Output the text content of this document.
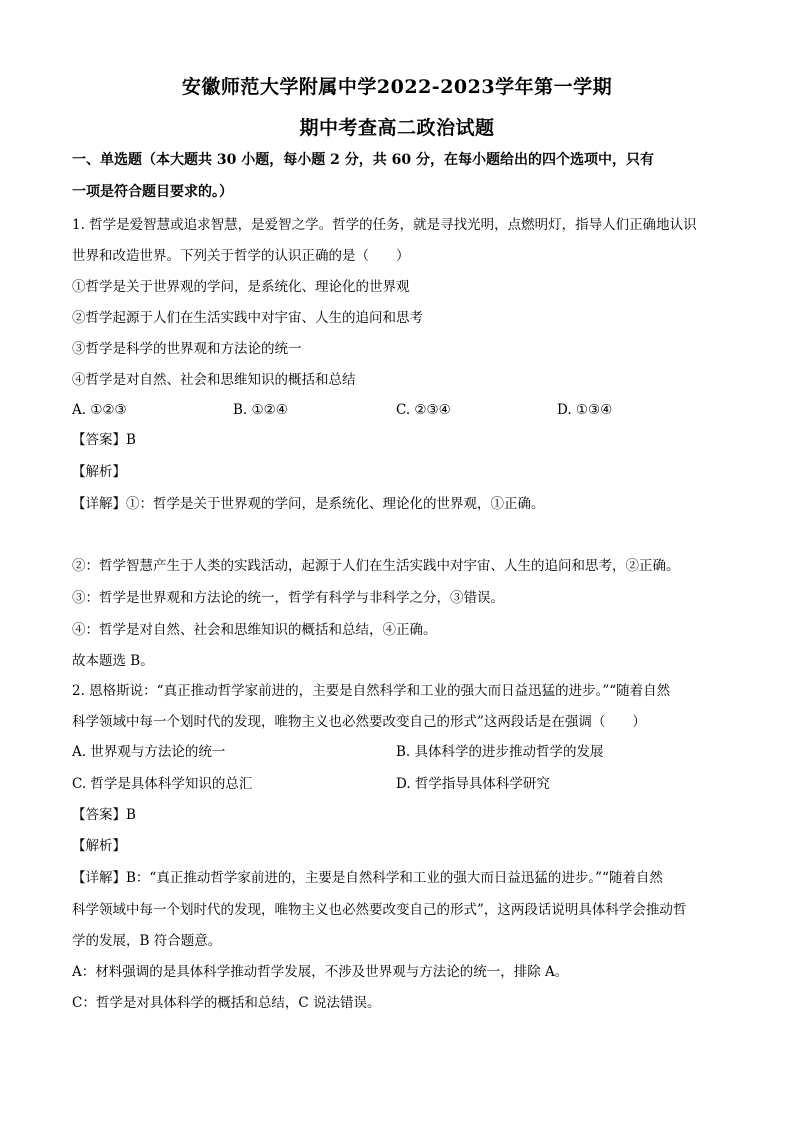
安徽师范大学附属中学2022-2023学年第一学期
期中考查高二政治试题
一、单选题（本大题共 30 小题，每小题 2 分，共 60 分，在每小题给出的四个选项中，只有
一项是符合题目要求的。）
1. 哲学是爱智慧或追求智慧，是爱智之学。哲学的任务，就是寻找光明，点燃明灯，指导人们正确地认识
世界和改造世界。下列关于哲学的认识正确的是（　　）
①哲学是关于世界观的学问，是系统化、理论化的世界观
②哲学起源于人们在生活实践中对宇宙、人生的追问和思考
③哲学是科学的世界观和方法论的统一
④哲学是对自然、社会和思维知识的概括和总结
A. ①②③	B. ①②④	C. ②③④	D. ①③④
【答案】B
【解析】
【详解】①：哲学是关于世界观的学问，是系统化、理论化的世界观，①正确。
②：哲学智慧产生于人类的实践活动，起源于人们在生活实践中对宇宙、人生的追问和思考，②正确。
③：哲学是世界观和方法论的统一，哲学有科学与非科学之分，③错误。
④：哲学是对自然、社会和思维知识的概括和总结，④正确。
故本题选 B。
2. 恩格斯说：“真正推动哲学家前进的，主要是自然科学和工业的强大而日益迅猛的进步。”“随着自然
科学领域中每一个划时代的发现，唯物主义也必然要改变自己的形式”这两段话是在强调（　　）
A. 世界观与方法论的统一	B. 具体科学的进步推动哲学的发展
C. 哲学是具体科学知识的总汇	D. 哲学指导具体科学研究
【答案】B
【解析】
【详解】B：“真正推动哲学家前进的，主要是自然科学和工业的强大而日益迅猛的进步。”“随着自然
科学领域中每一个划时代的发现，唯物主义也必然要改变自己的形式”，这两段话说明具体科学会推动哲
学的发展，B 符合题意。
A：材料强调的是具体科学推动哲学发展，不涉及世界观与方法论的统一，排除 A。
C：哲学是对具体科学的概括和总结，C 说法错误。
